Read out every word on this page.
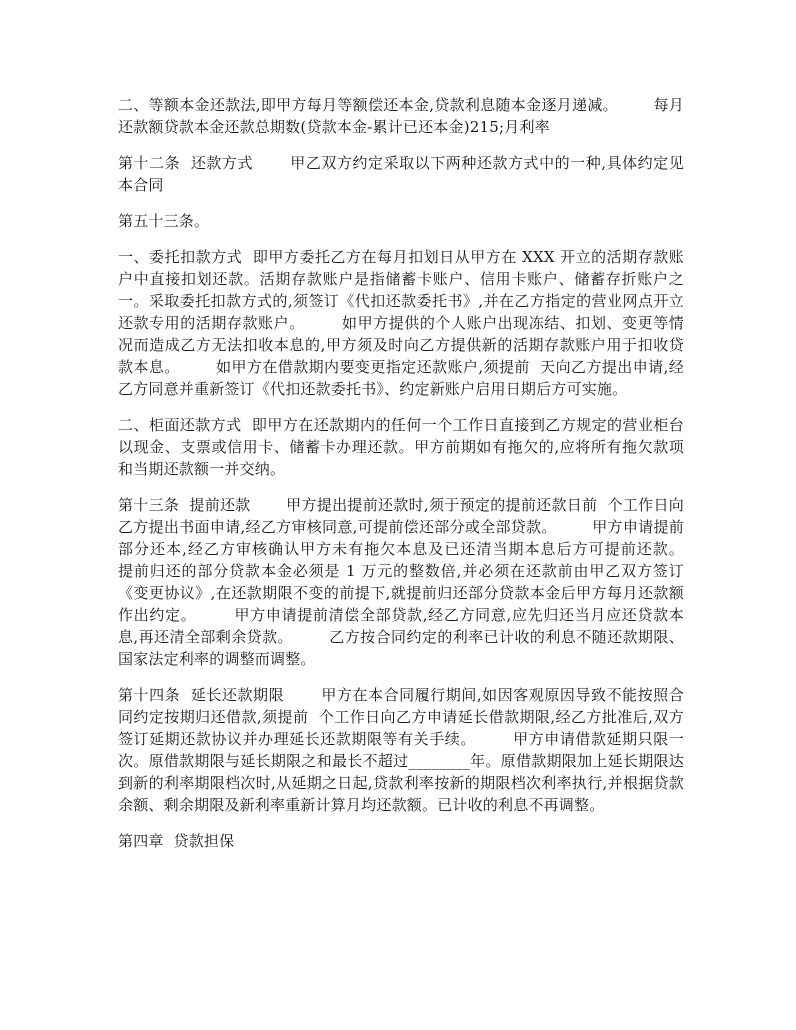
二、等额本金还款法,即甲方每月等额偿还本金,贷款利息随本金逐月递减。       每月还款额贷款本金还款总期数(贷款本金-累计已还本金)215;月利率

第十二条  还款方式       甲乙双方约定采取以下两种还款方式中的一种,具体约定见本合同

第五十三条。

一、委托扣款方式  即甲方委托乙方在每月扣划日从甲方在 XXX 开立的活期存款账户中直接扣划还款。活期存款账户是指储蓄卡账户、信用卡账户、储蓄存折账户之一。采取委托扣款方式的,须签订《代扣还款委托书》,并在乙方指定的营业网点开立还款专用的活期存款账户。       如甲方提供的个人账户出现冻结、扣划、变更等情况而造成乙方无法扣收本息的,甲方须及时向乙方提供新的活期存款账户用于扣收贷款本息。       如甲方在借款期内要变更指定还款账户,须提前  天向乙方提出申请,经乙方同意并重新签订《代扣还款委托书》、约定新账户启用日期后方可实施。

二、柜面还款方式  即甲方在还款期内的任何一个工作日直接到乙方规定的营业柜台以现金、支票或信用卡、储蓄卡办理还款。甲方前期如有拖欠的,应将所有拖欠款项和当期还款额一并交纳。

第十三条  提前还款       甲方提出提前还款时,须于预定的提前还款日前  个工作日向乙方提出书面申请,经乙方审核同意,可提前偿还部分或全部贷款。       甲方申请提前部分还本,经乙方审核确认甲方未有拖欠本息及已还清当期本息后方可提前还款。       提前归还的部分贷款本金必须是 1 万元的整数倍,并必须在还款前由甲乙双方签订《变更协议》,在还款期限不变的前提下,就提前归还部分贷款本金后甲方每月还款额作出约定。       甲方申请提前清偿全部贷款,经乙方同意,应先归还当月应还贷款本息,再还清全部剩余贷款。       乙方按合同约定的利率已计收的利息不随还款期限、国家法定利率的调整而调整。

第十四条  延长还款期限       甲方在本合同履行期间,如因客观原因导致不能按照合同约定按期归还借款,须提前  个工作日向乙方申请延长借款期限,经乙方批准后,双方签订延期还款协议并办理延长还款期限等有关手续。       甲方申请借款延期只限一次。原借款期限与延长期限之和最长不超过________年。原借款期限加上延长期限达到新的利率期限档次时,从延期之日起,贷款利率按新的期限档次利率执行,并根据贷款余额、剩余期限及新利率重新计算月均还款额。已计收的利息不再调整。

第四章  贷款担保
